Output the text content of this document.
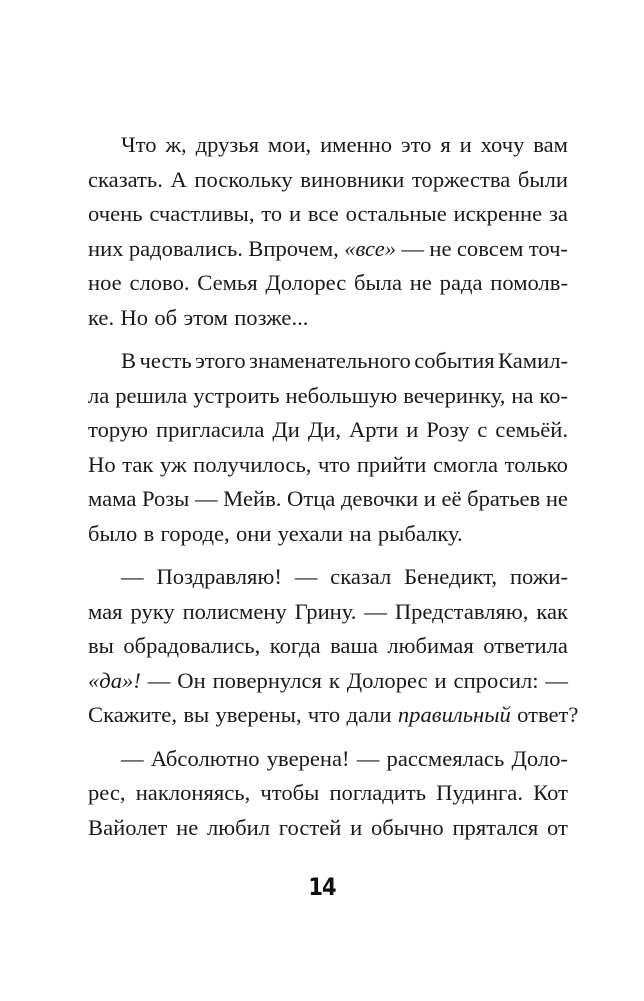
Что ж, друзья мои, именно это я и хочу вам
сказать. А поскольку виновники торжества были
очень счастливы, то и все остальные искренне за
них радовались. Впрочем, «все» — не совсем точ-
ное слово. Семья Долорес была не рада помолв-
ке. Но об этом позже...
В честь этого знаменательного события Камил-
ла решила устроить небольшую вечеринку, на ко-
торую пригласила Ди Ди, Арти и Розу с семьёй.
Но так уж получилось, что прийти смогла только
мама Розы — Мейв. Отца девочки и её братьев не
было в городе, они уехали на рыбалку.
— Поздравляю! — сказал Бенедикт, пожи-
мая руку полисмену Грину. — Представляю, как
вы обрадовались, когда ваша любимая ответила
«да»! — Он повернулся к Долорес и спросил: —
Скажите, вы уверены, что дали правильный ответ?
— Абсолютно уверена! — рассмеялась Доло-
рес, наклоняясь, чтобы погладить Пудинга. Кот
Вайолет не любил гостей и обычно прятался от
14
